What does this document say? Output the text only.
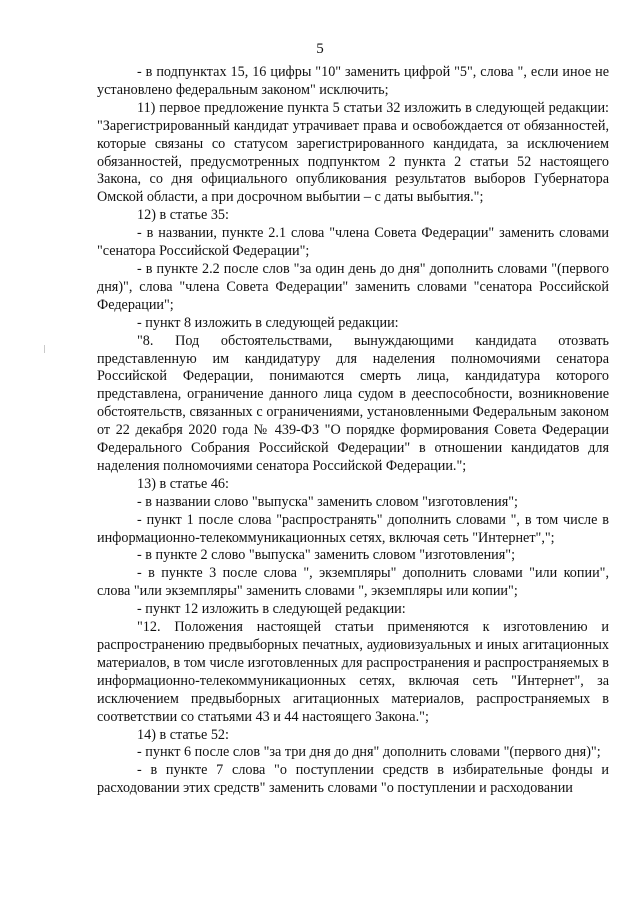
5

- в подпунктах 15, 16 цифры "10" заменить цифрой "5", слова ", если иное не установлено федеральным законом" исключить;

11) первое предложение пункта 5 статьи 32 изложить в следующей редакции: "Зарегистрированный кандидат утрачивает права и освобождается от обязанностей, которые связаны со статусом зарегистрированного кандидата, за исключением обязанностей, предусмотренных подпунктом 2 пункта 2 статьи 52 настоящего Закона, со дня официального опубликования результатов выборов Губернатора Омской области, а при досрочном выбытии – с даты выбытия.";

12) в статье 35:

- в названии, пункте 2.1 слова "члена Совета Федерации" заменить словами "сенатора Российской Федерации";

- в пункте 2.2 после слов "за один день до дня" дополнить словами "(первого дня)", слова "члена Совета Федерации" заменить словами "сенатора Российской Федерации";

- пункт 8 изложить в следующей редакции:

"8. Под обстоятельствами, вынуждающими кандидата отозвать представленную им кандидатуру для наделения полномочиями сенатора Российской Федерации, понимаются смерть лица, кандидатура которого представлена, ограничение данного лица судом в дееспособности, возникновение обстоятельств, связанных с ограничениями, установленными Федеральным законом от 22 декабря 2020 года № 439-ФЗ "О порядке формирования Совета Федерации Федерального Собрания Российской Федерации" в отношении кандидатов для наделения полномочиями сенатора Российской Федерации.";

13) в статье 46:

- в названии слово "выпуска" заменить словом "изготовления";

- пункт 1 после слова "распространять" дополнить словами ", в том числе в информационно-телекоммуникационных сетях, включая сеть "Интернет",";

- в пункте 2 слово "выпуска" заменить словом "изготовления";

- в пункте 3 после слова ", экземпляры" дополнить словами "или копии", слова "или экземпляры" заменить словами ", экземпляры или копии";

- пункт 12 изложить в следующей редакции:

"12. Положения настоящей статьи применяются к изготовлению и распространению предвыборных печатных, аудиовизуальных и иных агитационных материалов, в том числе изготовленных для распространения и распространяемых в информационно-телекоммуникационных сетях, включая сеть "Интернет", за исключением предвыборных агитационных материалов, распространяемых в соответствии со статьями 43 и 44 настоящего Закона.";

14) в статье 52:

- пункт 6 после слов "за три дня до дня" дополнить словами "(первого дня)";

- в пункте 7 слова "о поступлении средств в избирательные фонды и расходовании этих средств" заменить словами "о поступлении и расходовании
